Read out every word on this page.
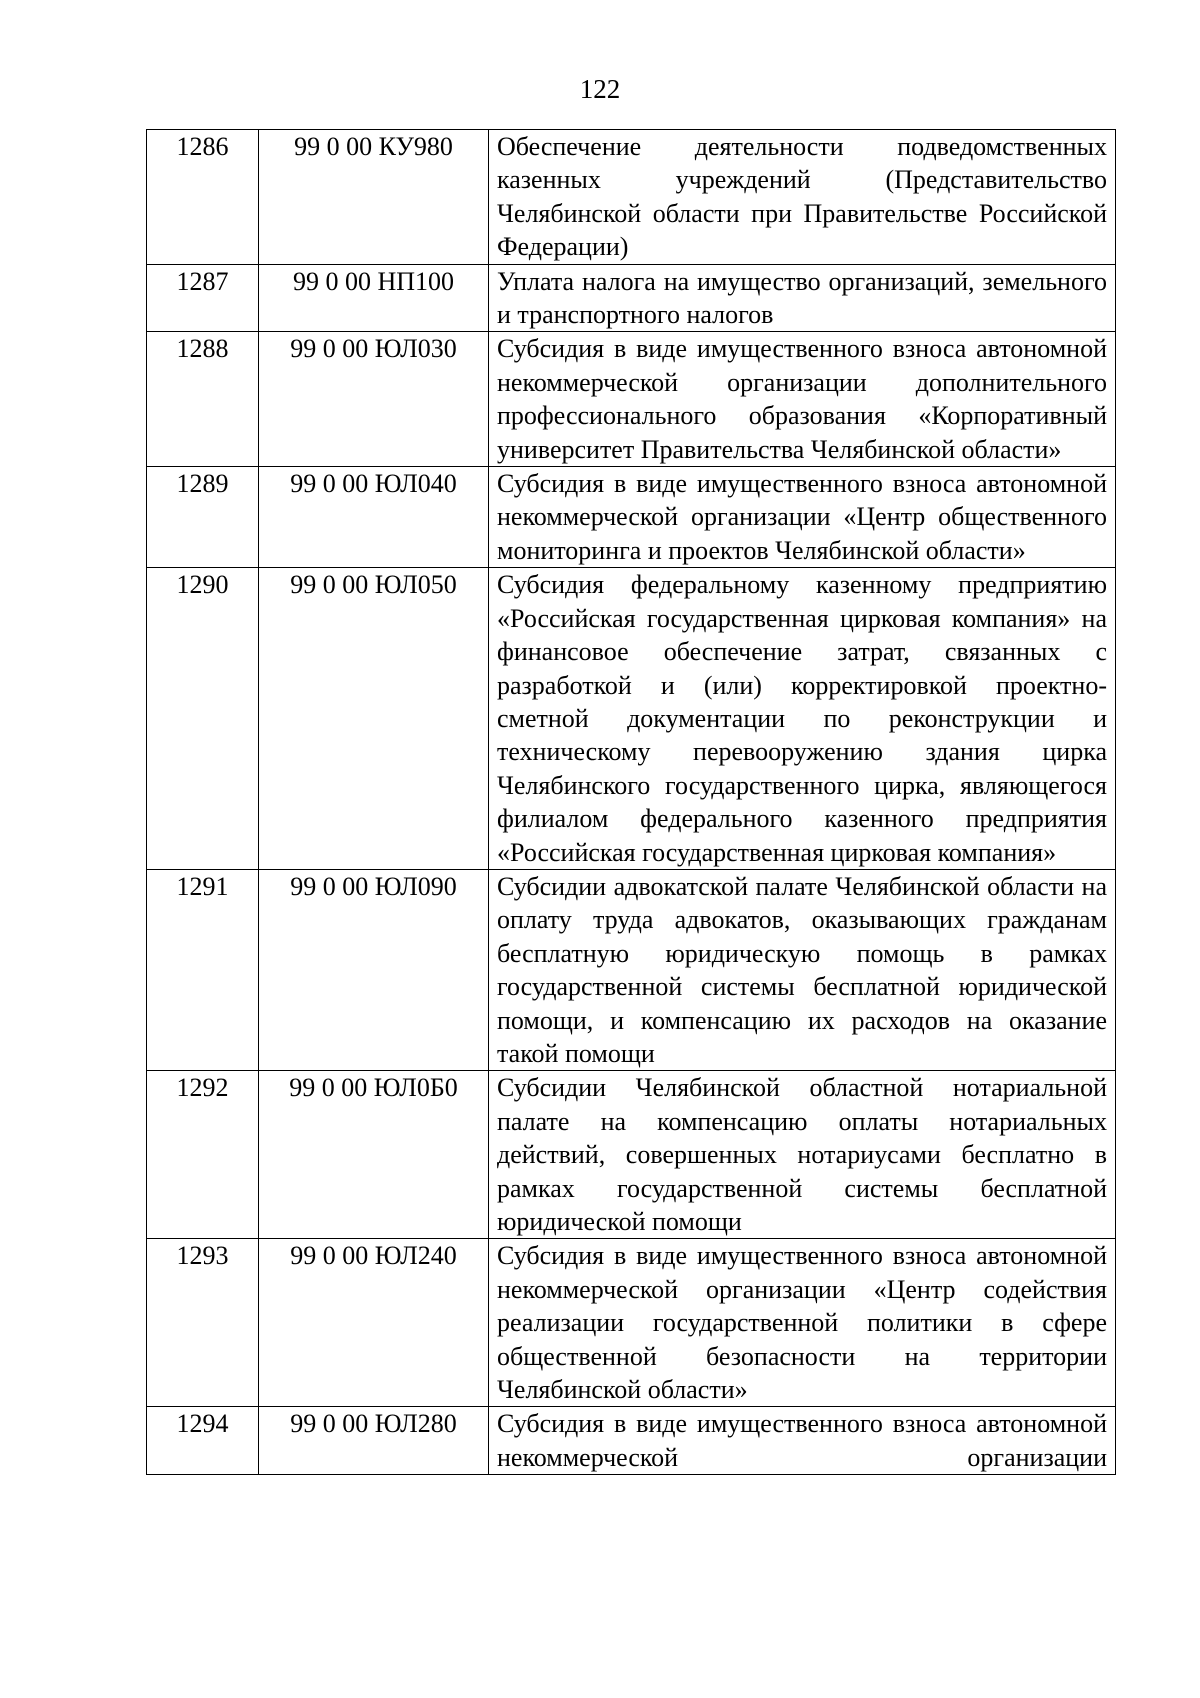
122
1286	99 0 00 КУ980	Обеспечение деятельности подведомственных казенных учреждений (Представительство Челябинской области при Правительстве Российской Федерации)
1287	99 0 00 НП100	Уплата налога на имущество организаций, земельного и транспортного налогов
1288	99 0 00 ЮЛ030	Субсидия в виде имущественного взноса автономной некоммерческой организации дополнительного профессионального образования «Корпоративный университет Правительства Челябинской области»
1289	99 0 00 ЮЛ040	Субсидия в виде имущественного взноса автономной некоммерческой организации «Центр общественного мониторинга и проектов Челябинской области»
1290	99 0 00 ЮЛ050	Субсидия федеральному казенному предприятию «Российская государственная цирковая компания» на финансовое обеспечение затрат, связанных с разработкой и (или) корректировкой проектно-сметной документации по реконструкции и техническому перевооружению здания цирка Челябинского государственного цирка, являющегося филиалом федерального казенного предприятия «Российская государственная цирковая компания»
1291	99 0 00 ЮЛ090	Субсидии адвокатской палате Челябинской области на оплату труда адвокатов, оказывающих гражданам бесплатную юридическую помощь в рамках государственной системы бесплатной юридической помощи, и компенсацию их расходов на оказание такой помощи
1292	99 0 00 ЮЛ0Б0	Субсидии Челябинской областной нотариальной палате на компенсацию оплаты нотариальных действий, совершенных нотариусами бесплатно в рамках государственной системы бесплатной юридической помощи
1293	99 0 00 ЮЛ240	Субсидия в виде имущественного взноса автономной некоммерческой организации «Центр содействия реализации государственной политики в сфере общественной безопасности на территории Челябинской области»
1294	99 0 00 ЮЛ280	Субсидия в виде имущественного взноса автономной некоммерческой организации
